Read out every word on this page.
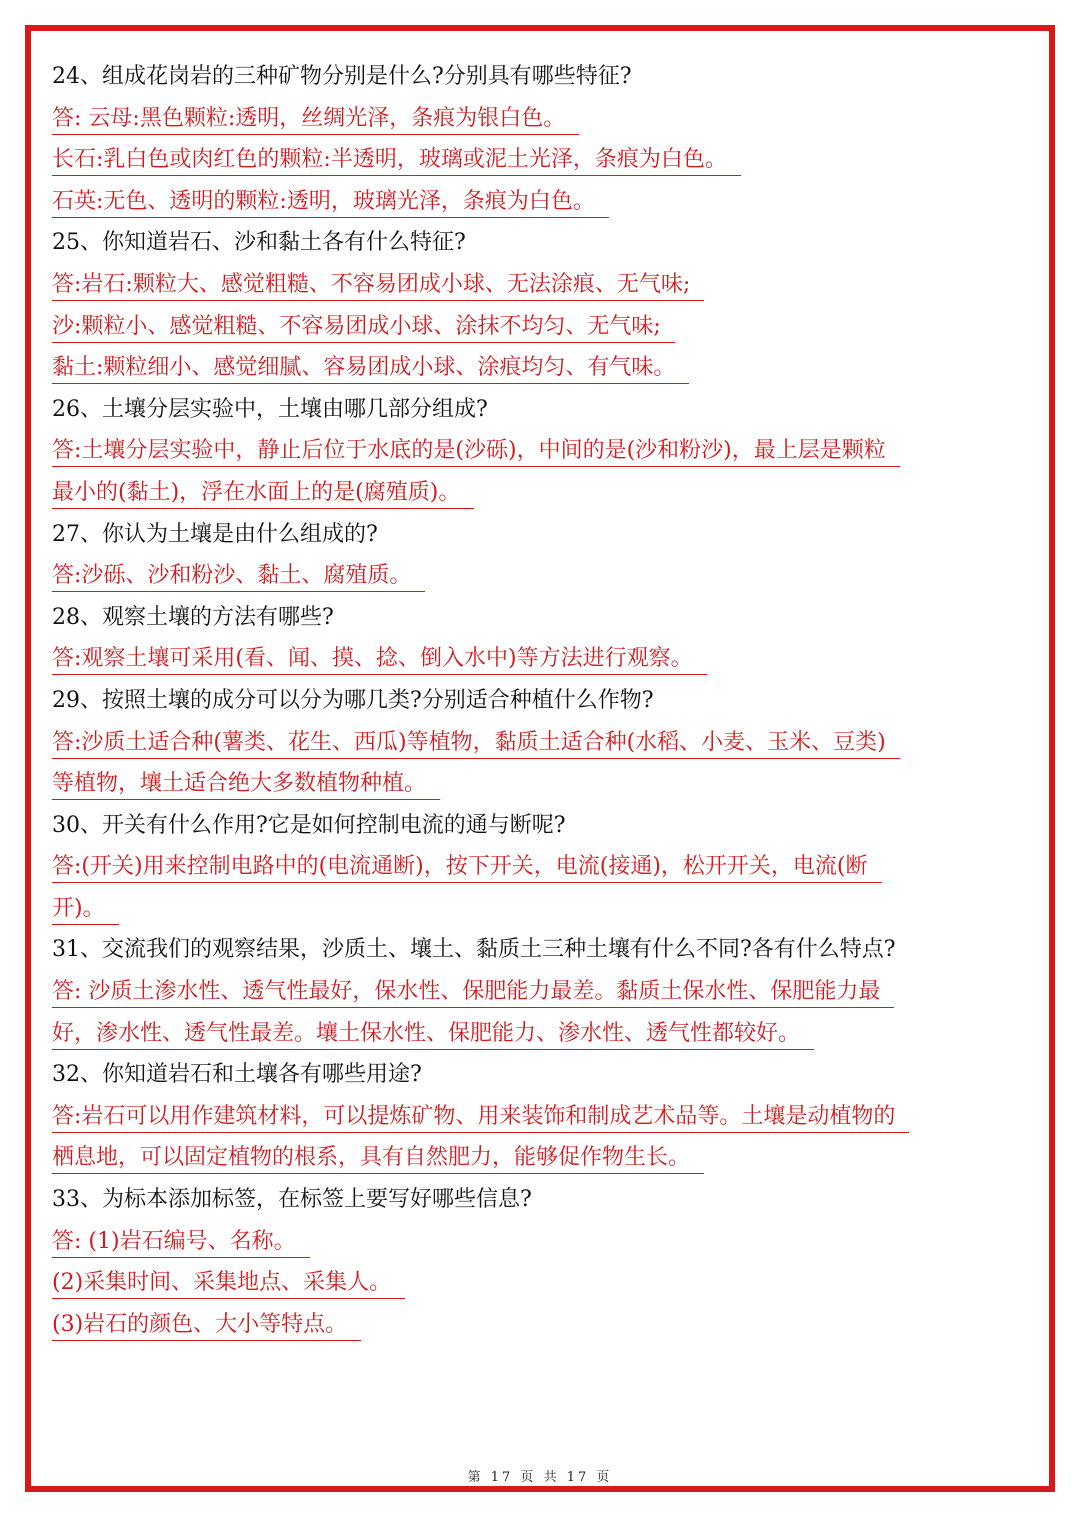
24、组成花岗岩的三种矿物分别是什么?分别具有哪些特征?
答: 云母:黑色颗粒:透明，丝绸光泽，条痕为银白色。
长石:乳白色或肉红色的颗粒:半透明，玻璃或泥土光泽，条痕为白色。
石英:无色、透明的颗粒:透明，玻璃光泽，条痕为白色。
25、你知道岩石、沙和黏土各有什么特征?
答:岩石:颗粒大、感觉粗糙、不容易团成小球、无法涂痕、无气味;
沙:颗粒小、感觉粗糙、不容易团成小球、涂抹不均匀、无气味;
黏土:颗粒细小、感觉细腻、容易团成小球、涂痕均匀、有气味。
26、土壤分层实验中，土壤由哪几部分组成?
答:土壤分层实验中，静止后位于水底的是(沙砾)，中间的是(沙和粉沙)，最上层是颗粒
最小的(黏土)，浮在水面上的是(腐殖质)。
27、你认为土壤是由什么组成的?
答:沙砾、沙和粉沙、黏土、腐殖质。
28、观察土壤的方法有哪些?
答:观察土壤可采用(看、闻、摸、捻、倒入水中)等方法进行观察。
29、按照土壤的成分可以分为哪几类?分别适合种植什么作物?
答:沙质土适合种(薯类、花生、西瓜)等植物，黏质土适合种(水稻、小麦、玉米、豆类)
等植物，壤土适合绝大多数植物种植。
30、开关有什么作用?它是如何控制电流的通与断呢?
答:(开关)用来控制电路中的(电流通断)，按下开关，电流(接通)，松开开关，电流(断
开)。
31、交流我们的观察结果，沙质土、壤土、黏质土三种土壤有什么不同?各有什么特点?
答: 沙质土渗水性、透气性最好，保水性、保肥能力最差。黏质土保水性、保肥能力最
好，渗水性、透气性最差。壤土保水性、保肥能力、渗水性、透气性都较好。
32、你知道岩石和土壤各有哪些用途?
答:岩石可以用作建筑材料，可以提炼矿物、用来装饰和制成艺术品等。土壤是动植物的
栖息地，可以固定植物的根系，具有自然肥力，能够促作物生长。
33、为标本添加标签，在标签上要写好哪些信息?
答: (1)岩石编号、名称。
(2)采集时间、采集地点、采集人。
(3)岩石的颜色、大小等特点。
第 17 页 共 17 页
